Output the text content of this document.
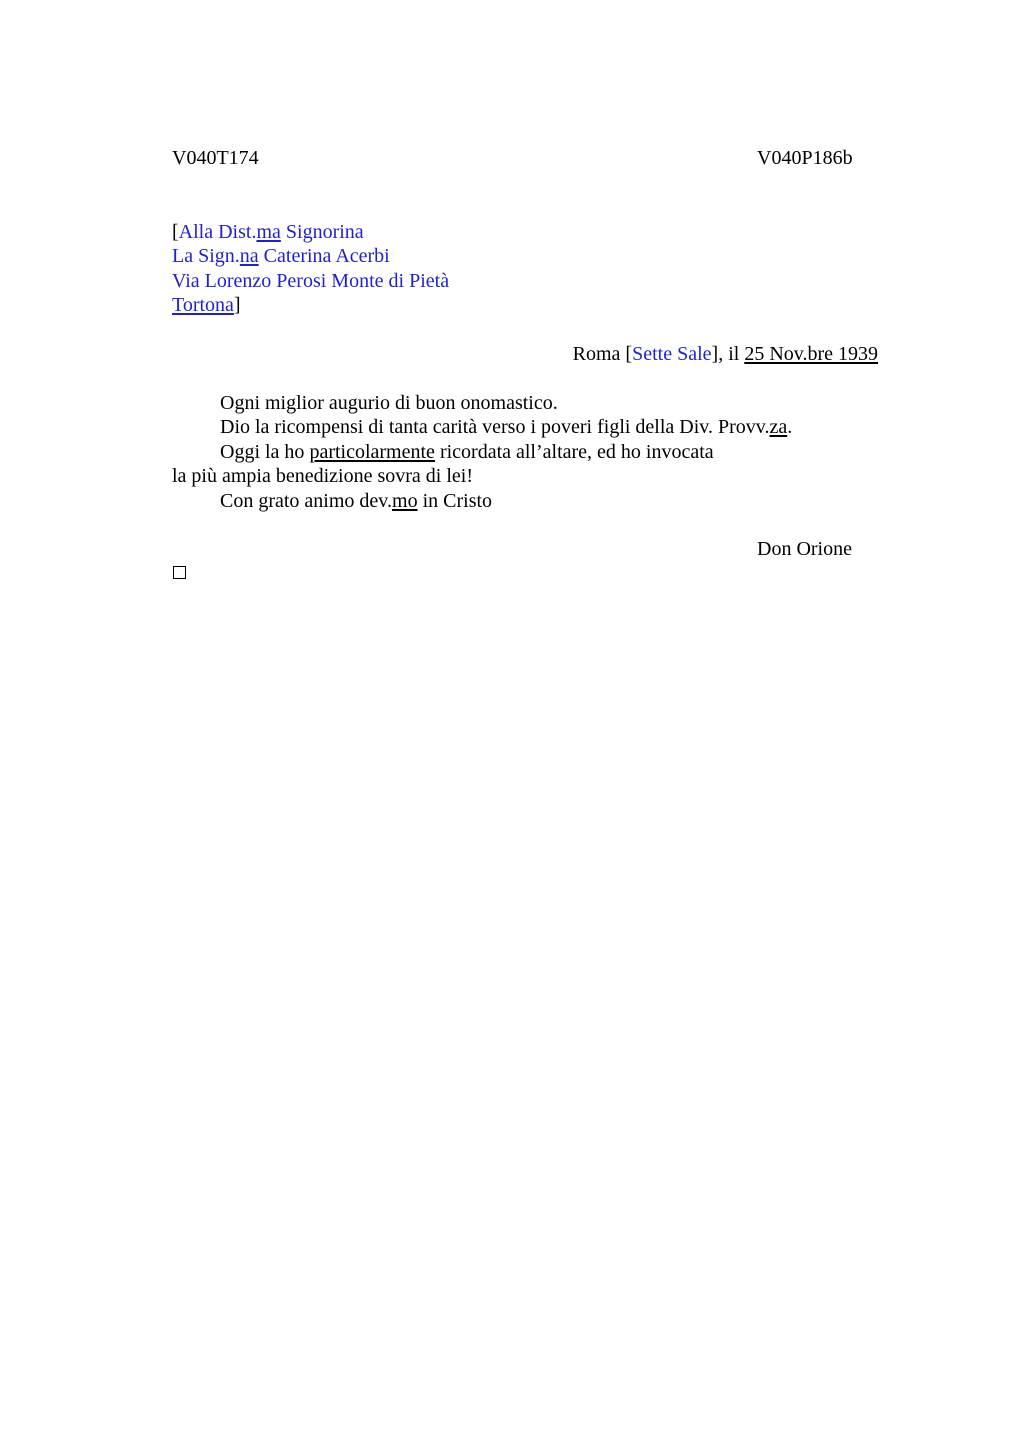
V040T174	V040P186b
[Alla Dist.ma Signorina
La Sign.na Caterina Acerbi
Via Lorenzo Perosi Monte di Pietà
Tortona]
Roma [Sette Sale], il 25 Nov.bre 1939
Ogni miglior augurio di buon onomastico.
Dio la ricompensi di tanta carità verso i poveri figli della Div. Provv.za.
Oggi la ho particolarmente ricordata all’altare, ed ho invocata
la più ampia benedizione sovra di lei!
Con grato animo dev.mo in Cristo
Don Orione
